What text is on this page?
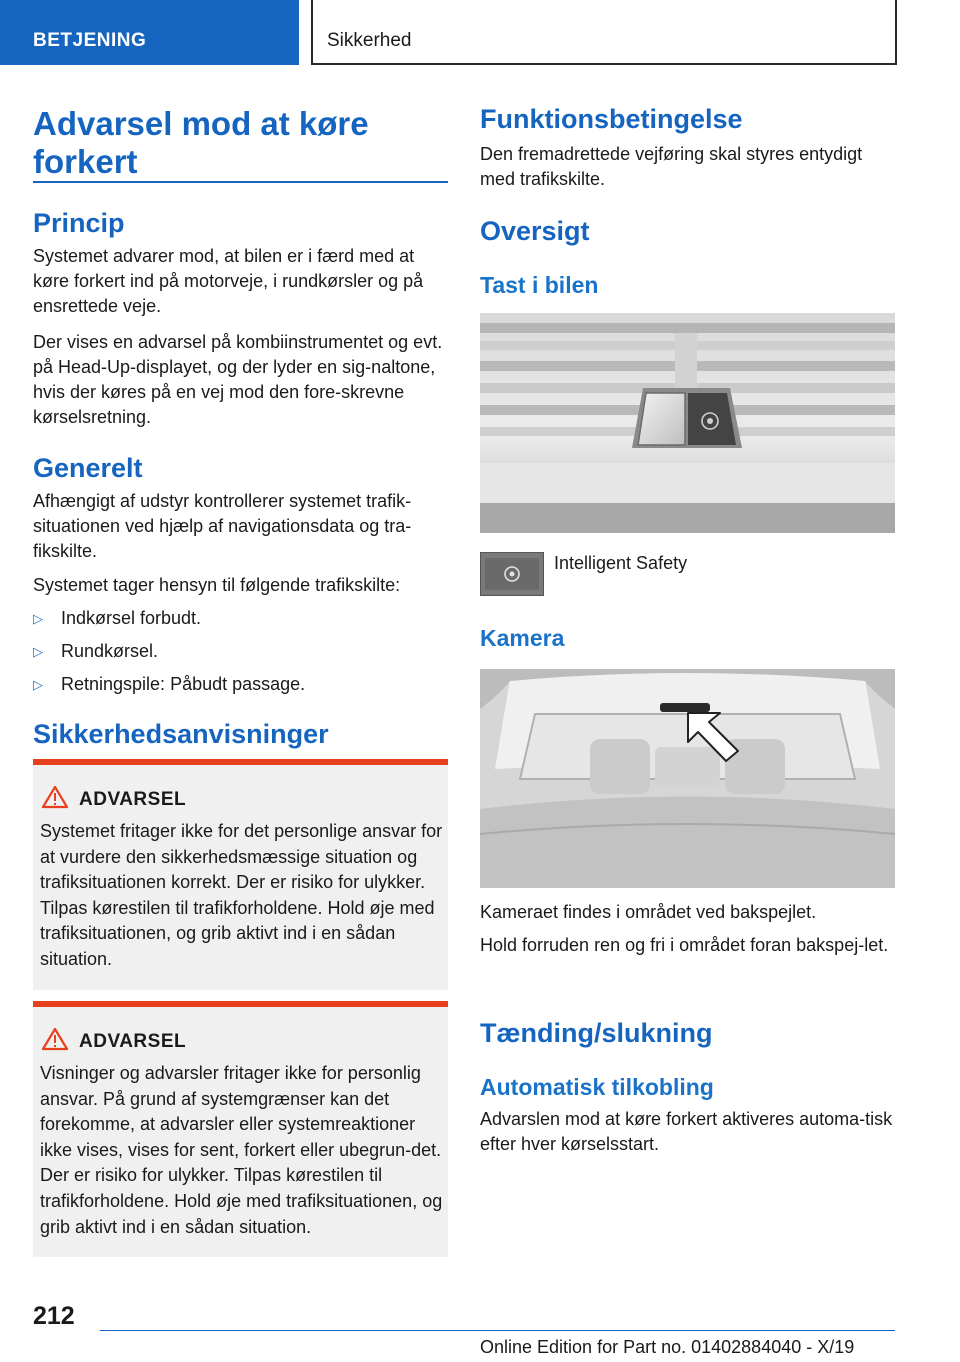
BETJENING	Sikkerhed
Advarsel mod at køre
forkert
Princip
Systemet advarer mod, at bilen er i færd med at køre forkert ind på motorveje, i rundkørsler og på ensrettede veje.
Der vises en advarsel på kombiinstrumentet og evt. på Head-Up-displayet, og der lyder en sig-naltone, hvis der køres på en vej mod den fore-skrevne kørselsretning.
Generelt
Afhængigt af udstyr kontrollerer systemet trafik-situationen ved hjælp af navigationsdata og tra-fikskilte.
Systemet tager hensyn til følgende trafikskilte:
▷ Indkørsel forbudt.
▷ Rundkørsel.
▷ Retningspile: Påbudt passage.
Sikkerhedsanvisninger
ADVARSEL
Systemet fritager ikke for det personlige ansvar for at vurdere den sikkerhedsmæssige situation og trafiksituationen korrekt. Der er risiko for ulykker. Tilpas kørestilen til trafikforholdene. Hold øje med trafiksituationen, og grib aktivt ind i en sådan situation.
ADVARSEL
Visninger og advarsler fritager ikke for personlig ansvar. På grund af systemgrænser kan det forekomme, at advarsler eller systemreaktioner ikke vises, vises for sent, forkert eller ubegrun-det. Der er risiko for ulykker. Tilpas kørestilen til trafikforholdene. Hold øje med trafiksituationen, og grib aktivt ind i en sådan situation.
Funktionsbetingelse
Den fremadrettede vejføring skal styres entydigt med trafikskilte.
Oversigt
Tast i bilen
Intelligent Safety
Kamera
Kameraet findes i området ved bakspejlet.
Hold forruden ren og fri i området foran bakspej-let.
Tænding/slukning
Automatisk tilkobling
Advarslen mod at køre forkert aktiveres automa-tisk efter hver kørselsstart.
212
Online Edition for Part no. 01402884040 - X/19
